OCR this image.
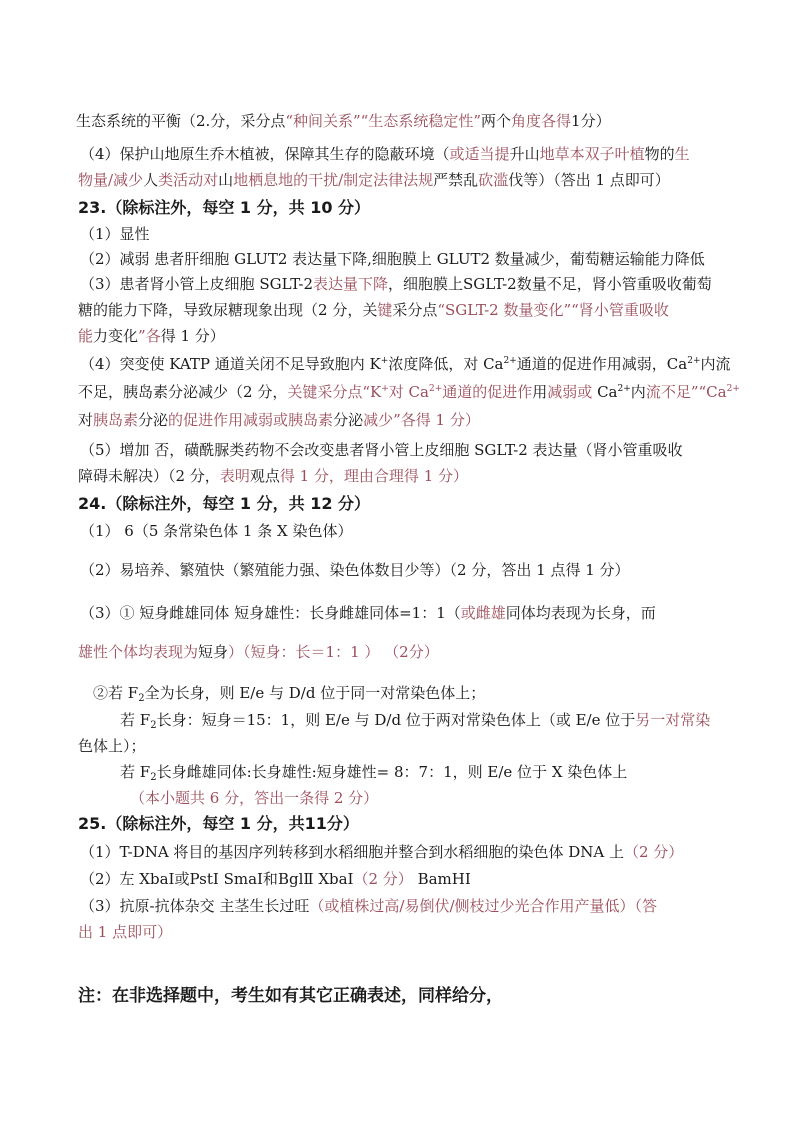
生态系统的平衡（2.分，采分点“种间关系”“生态系统稳定性”两个角度各得1分）
（4）保护山地原生乔木植被，保障其生存的隐蔽环境（或适当提升山地草本双子叶植物的生
物量/减少人类活动对山地栖息地的干扰/制定法律法规严禁乱砍滥伐等）（答出 1 点即可）
23.（除标注外，每空 1 分，共 10 分）
（1）显性
（2）减弱 患者肝细胞 GLUT2 表达量下降,细胞膜上 GLUT2 数量减少，葡萄糖运输能力降低
（3）患者肾小管上皮细胞 SGLT-2表达量下降，细胞膜上SGLT-2数量不足，肾小管重吸收葡萄
糖的能力下降，导致尿糖现象出现（2 分，关键采分点“SGLT-2 数量变化”“肾小管重吸收
能力变化”各得 1 分）
（4）突变使 KATP 通道关闭不足导致胞内 K+浓度降低，对 $Ca^{2+}$通道的促进作用减弱，$Ca^{2+}$内流
不足，胰岛素分泌减少（2 分，关键采分点“K+对 $Ca^{2+}$通道的促进作用减弱或 $Ca^{2+}$内流不足$”“Ca^{2+}$
对胰岛素分泌的促进作用减弱或胰岛素分泌减少”各得 1 分）
（5）增加 否，磺酰脲类药物不会改变患者肾小管上皮细胞 SGLT-2 表达量（肾小管重吸收
障碍未解决）（2 分，表明观点得 1 分，理由合理得 1 分）
24.（除标注外，每空 1 分，共 12 分）
（1） 6（5 条常染色体 1 条 X 染色体）
（2）易培养、繁殖快（繁殖能力强、染色体数目少等）（2 分，答出 1 点得 1 分）
（3）① 短身雌雄同体 短身雄性：长身雌雄同体=1：1（或雌雄同体均表现为长身，而
雄性个体均表现为短身）（短身：长＝1：1 ） （2分）
②若 $F_2$全为长身，则 E/e 与 D/d 位于同一对常染色体上；
若 $F_2$长身：短身＝15：1，则 E/e 与 D/d 位于两对常染色体上（或 E/e 位于另一对常染
色体上）；
若 $F_2$长身雌雄同体:长身雄性:短身雄性= 8：7：1，则 E/e 位于 X 染色体上
（本小题共 6 分，答出一条得 2 分）
25.（除标注外，每空 1 分，共11分）
（1）T-DNA 将目的基因序列转移到水稻细胞并整合到水稻细胞的染色体 DNA 上（2 分）
（2）左 XbaⅠ或PstⅠ SmaⅠ和BglⅡ XbaⅠ（2 分） BamHⅠ
（3）抗原-抗体杂交 主茎生长过旺（或植株过高/易倒伏/侧枝过少光合作用产量低）（答
出 1 点即可）
注：在非选择题中，考生如有其它正确表述，同样给分，
